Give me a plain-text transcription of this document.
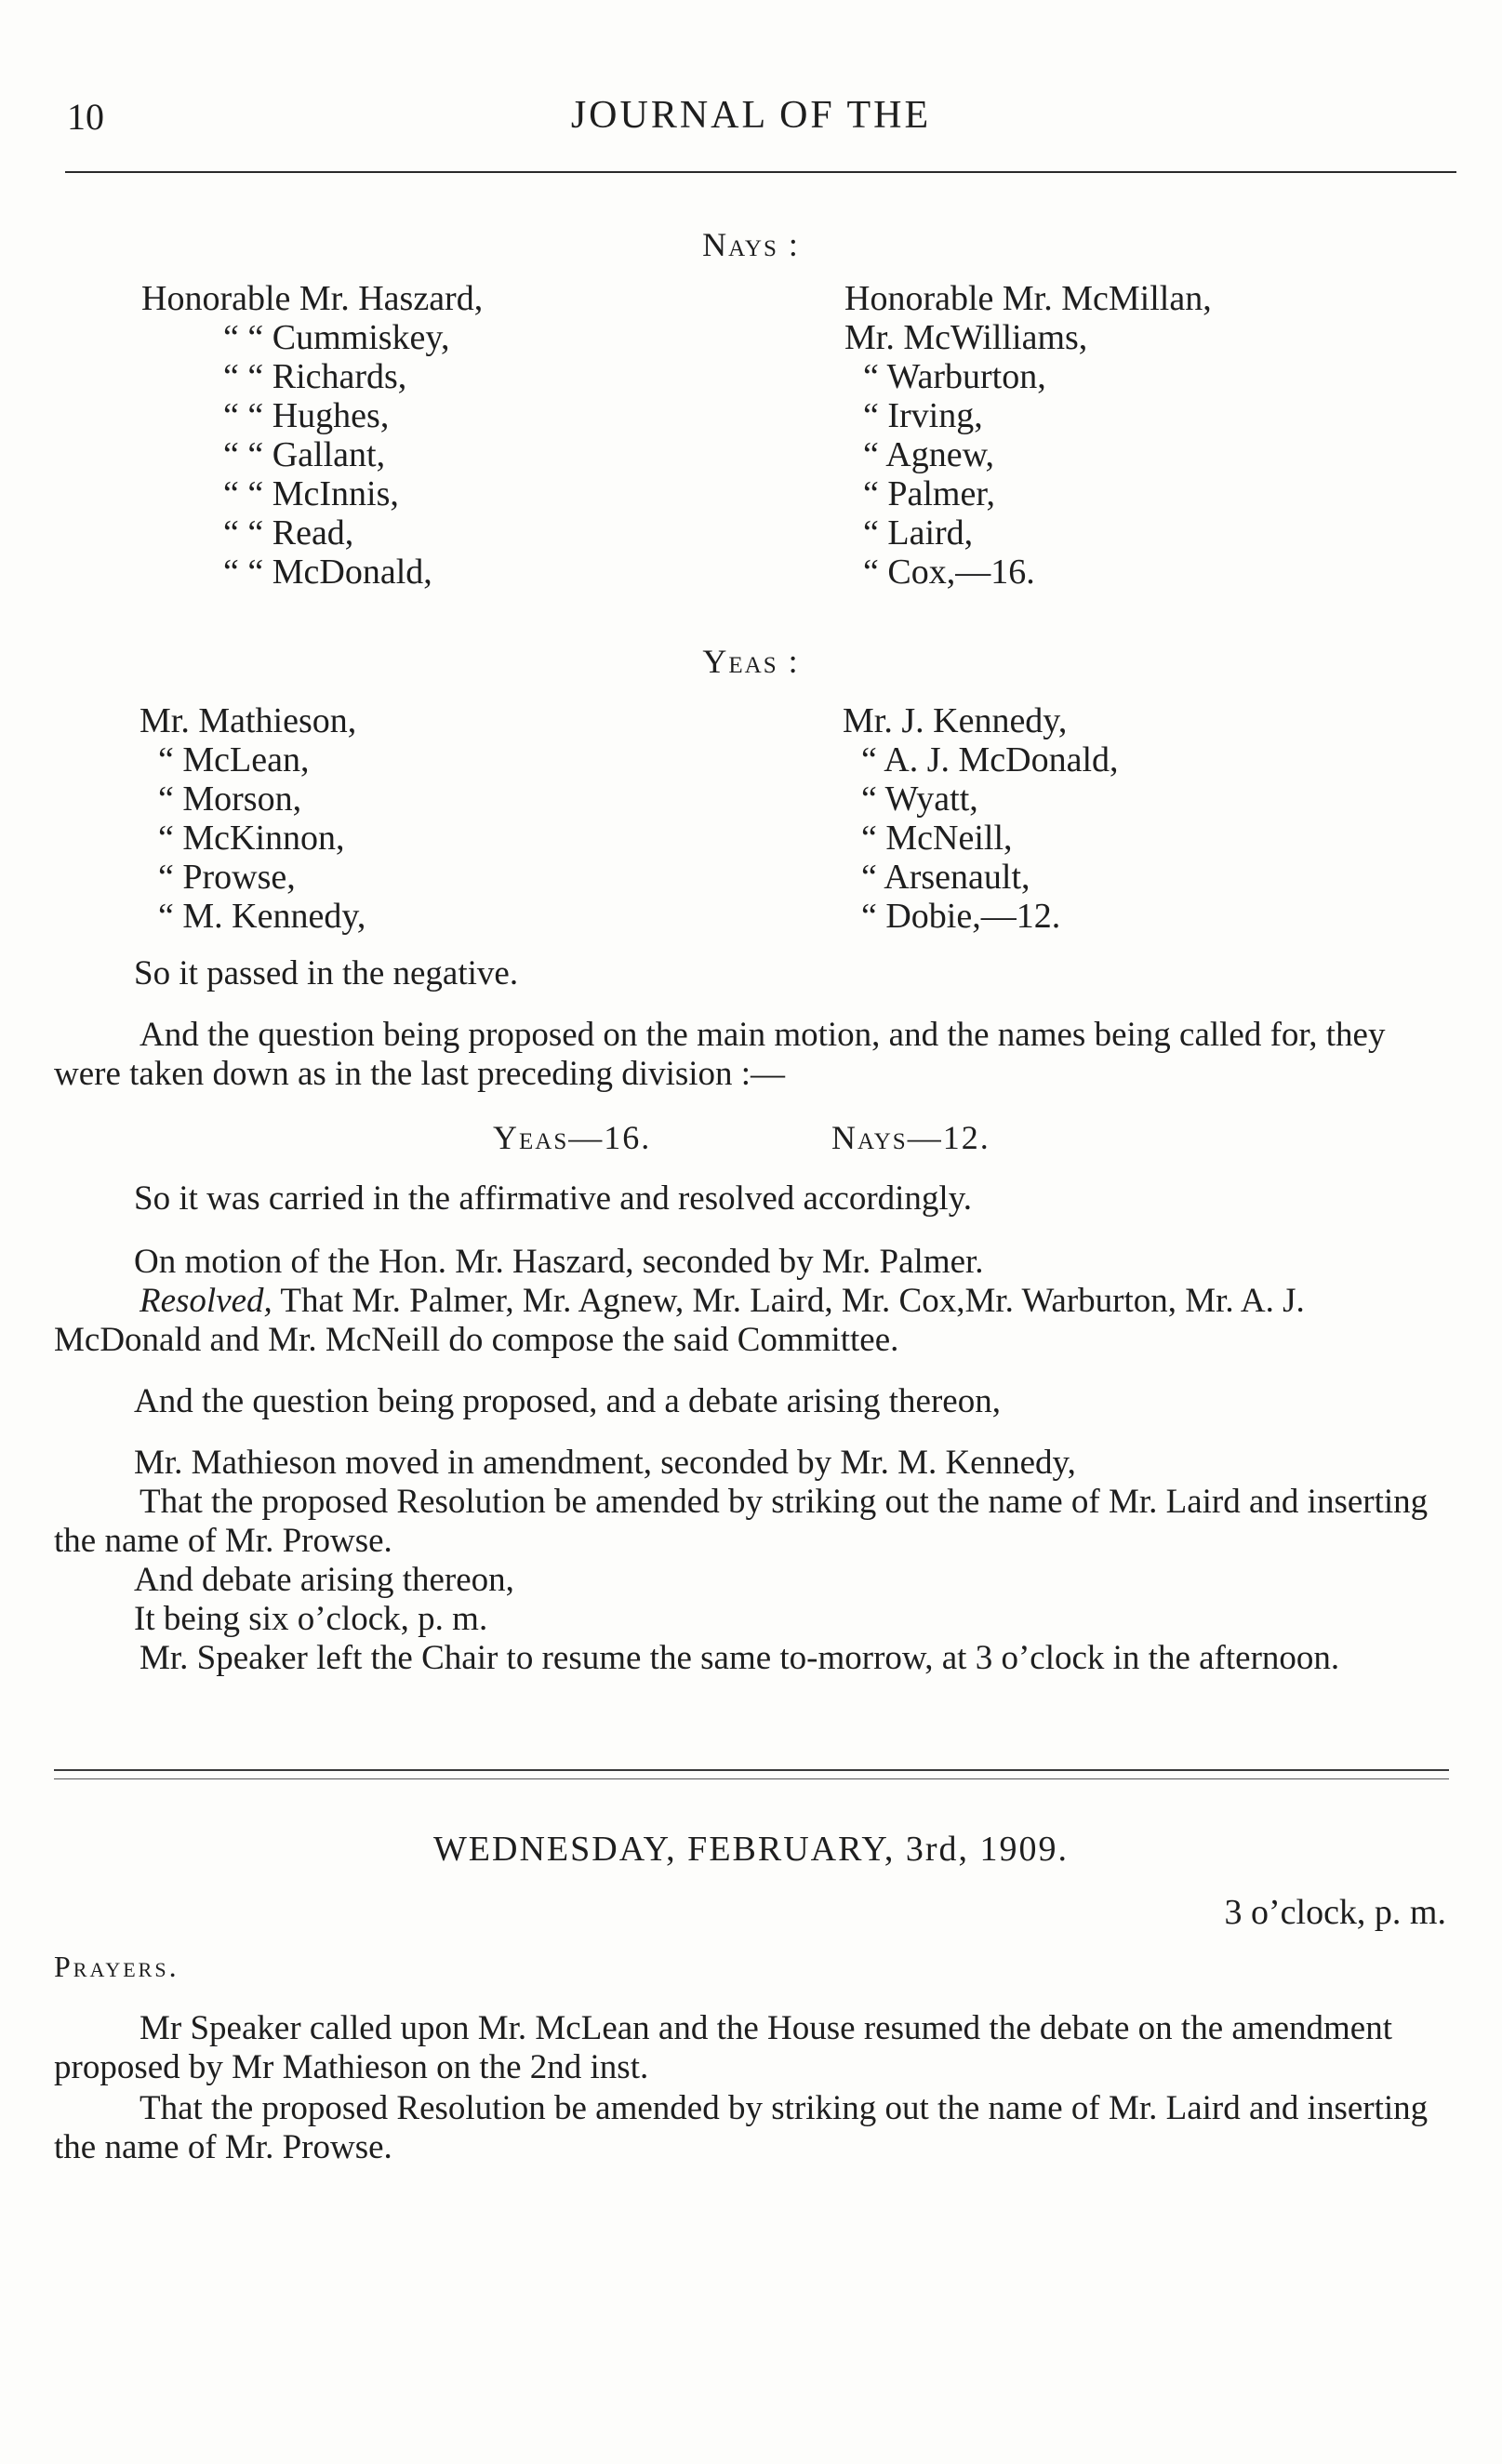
10	JOURNAL OF THE
Nays :
Honorable Mr. Haszard,
“ “ Cummiskey,
“ “ Richards,
“ “ Hughes,
“ “ Gallant,
“ “ McInnis,
“ “ Read,
“ “ McDonald,
Honorable Mr. McMillan,
Mr. McWilliams,
“ Warburton,
“ Irving,
“ Agnew,
“ Palmer,
“ Laird,
“ Cox,—16.
Yeas :
Mr. Mathieson,
“ McLean,
“ Morson,
“ McKinnon,
“ Prowse,
“ M. Kennedy,
Mr. J. Kennedy,
“ A. J. McDonald,
“ Wyatt,
“ McNeill,
“ Arsenault,
“ Dobie,—12.
So it passed in the negative.

And the question being proposed on the main motion, and the names being called for, they were taken down as in the last preceding division :—

Yeas—16.	Nays—12.
So it was carried in the affirmative and resolved accordingly.
On motion of the Hon. Mr. Haszard, seconded by Mr. Palmer.

Resolved, That Mr. Palmer, Mr. Agnew, Mr. Laird, Mr. Cox,Mr. Warburton, Mr. A. J. McDonald and Mr. McNeill do compose the said Committee.

And the question being proposed, and a debate arising thereon,
Mr. Mathieson moved in amendment, seconded by Mr. M. Kennedy,

That the proposed Resolution be amended by striking out the name of Mr. Laird and inserting the name of Mr. Prowse.

And debate arising thereon,
It being six o’clock, p. m.

Mr. Speaker left the Chair to resume the same to-morrow, at 3 o’clock in the afternoon.

WEDNESDAY, FEBRUARY, 3rd, 1909.
3 o’clock, p. m.
Prayers.

Mr Speaker called upon Mr. McLean and the House resumed the debate on the amendment proposed by Mr Mathieson on the 2nd inst.

That the proposed Resolution be amended by striking out the name of Mr. Laird and inserting the name of Mr. Prowse.
